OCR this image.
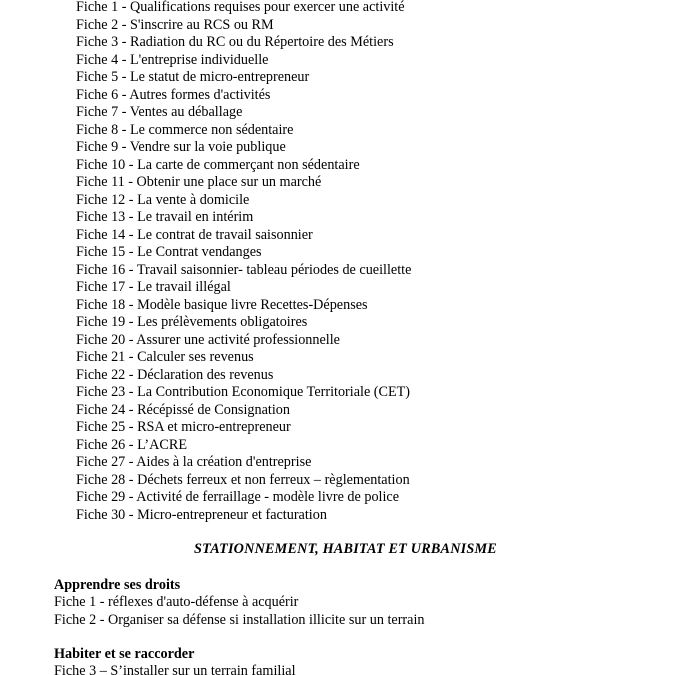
Fiche 1 - Qualifications requises pour exercer une activité
Fiche 2 - S'inscrire au RCS ou RM
Fiche 3 - Radiation du RC ou du Répertoire des Métiers
Fiche 4 - L'entreprise individuelle
Fiche 5 - Le statut de micro-entrepreneur
Fiche 6 - Autres formes d'activités
Fiche 7 - Ventes au déballage
Fiche 8 - Le commerce non sédentaire
Fiche 9 - Vendre sur la voie publique
Fiche 10 - La carte de commerçant non sédentaire
Fiche 11 - Obtenir une place sur un marché
Fiche 12 - La vente à domicile
Fiche 13 - Le travail en intérim
Fiche 14 - Le contrat de travail saisonnier
Fiche 15 - Le Contrat vendanges
Fiche 16 - Travail saisonnier- tableau périodes de cueillette
Fiche 17 - Le travail illégal
Fiche 18 - Modèle basique livre Recettes-Dépenses
Fiche 19 - Les prélèvements obligatoires
Fiche 20 - Assurer une activité professionnelle
Fiche 21 - Calculer ses revenus
Fiche 22 - Déclaration des revenus
Fiche 23 - La Contribution Economique Territoriale (CET)
Fiche 24 - Récépissé de Consignation
Fiche 25 - RSA et micro-entrepreneur
Fiche 26 - L’ACRE
Fiche 27 - Aides à la création d'entreprise
Fiche 28 - Déchets ferreux et non ferreux – règlementation
Fiche 29 - Activité de ferraillage - modèle livre de police
Fiche 30 - Micro-entrepreneur et facturation
STATIONNEMENT, HABITAT ET URBANISME
Apprendre ses droits
Fiche 1 - réflexes d'auto-défense à acquérir
Fiche 2 - Organiser sa défense si installation illicite sur un terrain
Habiter et se raccorder
Fiche 3 – S’installer sur un terrain familial
